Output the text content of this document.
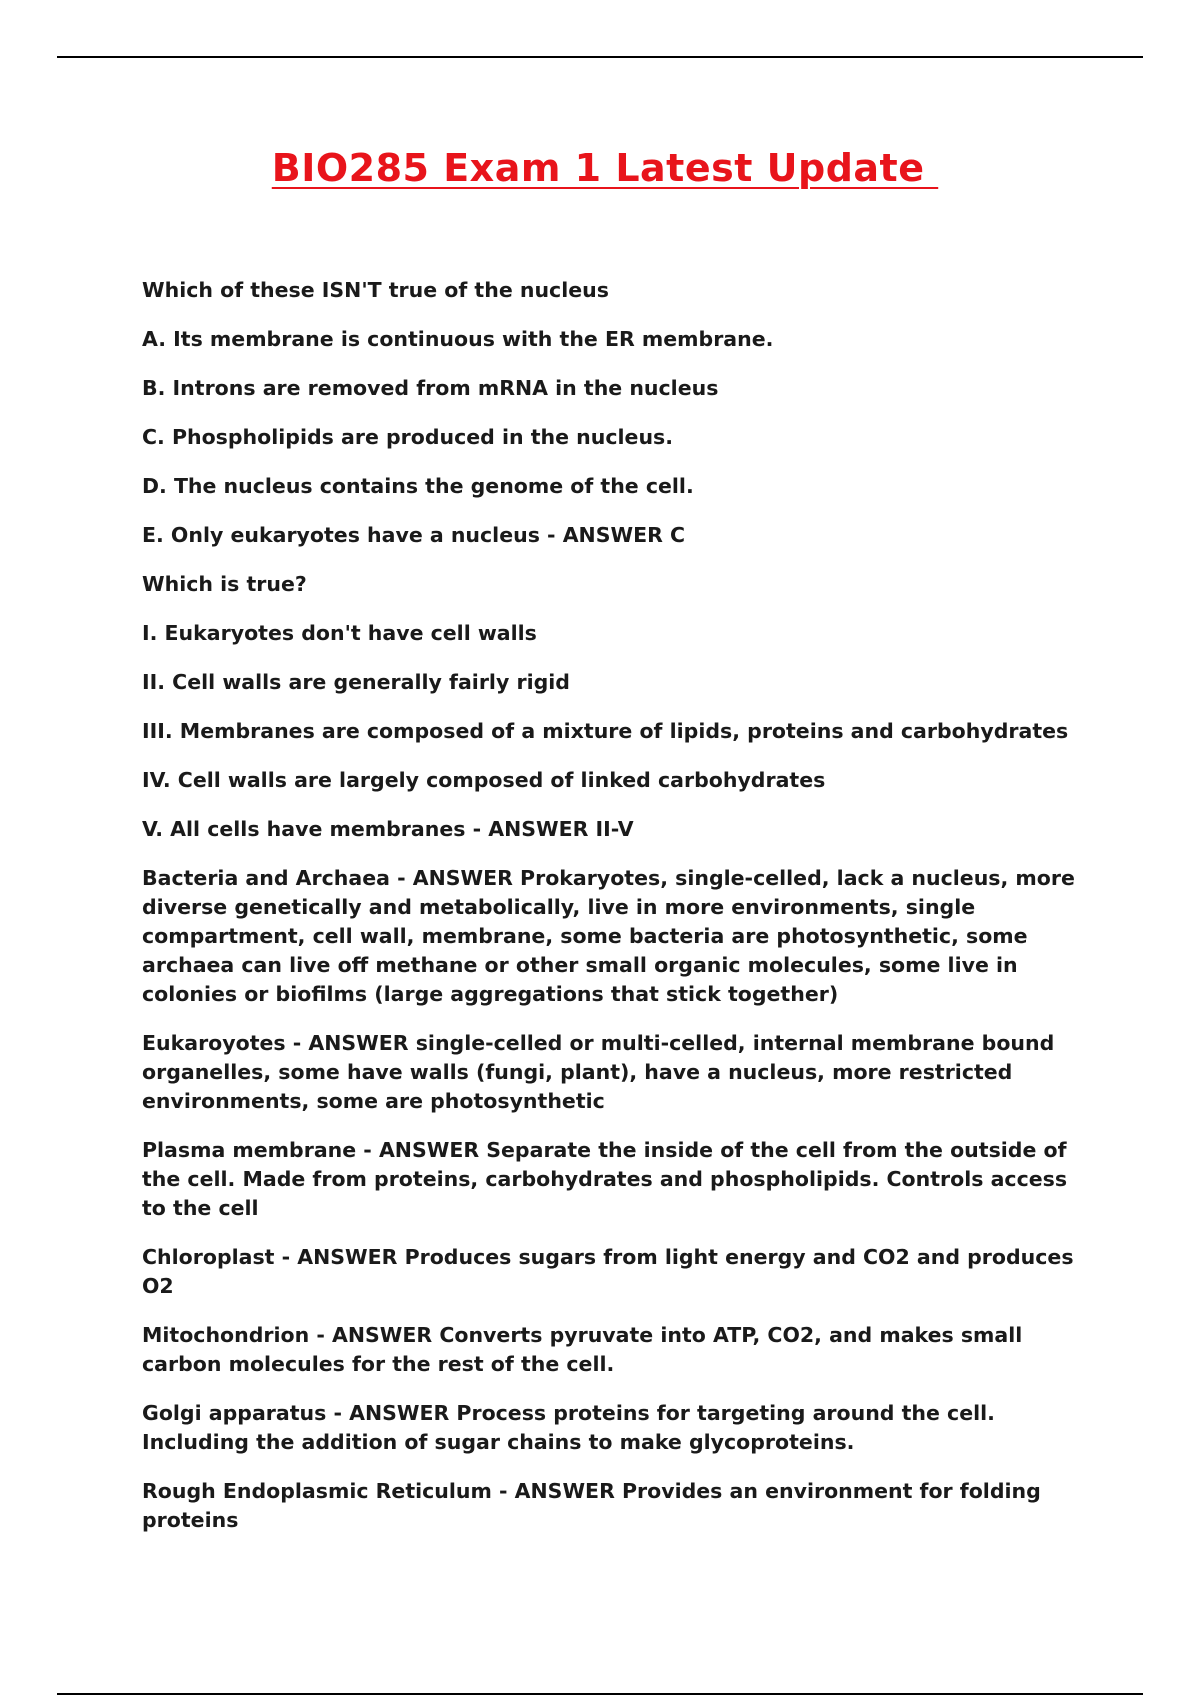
BIO285 Exam 1 Latest Update

Which of these ISN'T true of the nucleus

A. Its membrane is continuous with the ER membrane.

B. Introns are removed from mRNA in the nucleus

C. Phospholipids are produced in the nucleus.

D. The nucleus contains the genome of the cell.

E. Only eukaryotes have a nucleus - ANSWER C

Which is true?

I. Eukaryotes don't have cell walls

II. Cell walls are generally fairly rigid

III. Membranes are composed of a mixture of lipids, proteins and carbohydrates

IV. Cell walls are largely composed of linked carbohydrates

V. All cells have membranes - ANSWER II-V

Bacteria and Archaea - ANSWER Prokaryotes, single-celled, lack a nucleus, more diverse genetically and metabolically, live in more environments, single compartment, cell wall, membrane, some bacteria are photosynthetic, some archaea can live off methane or other small organic molecules, some live in colonies or biofilms (large aggregations that stick together)

Eukaroyotes - ANSWER single-celled or multi-celled, internal membrane bound organelles, some have walls (fungi, plant), have a nucleus, more restricted environments, some are photosynthetic

Plasma membrane - ANSWER Separate the inside of the cell from the outside of the cell. Made from proteins, carbohydrates and phospholipids. Controls access to the cell

Chloroplast - ANSWER Produces sugars from light energy and CO2 and produces O2

Mitochondrion - ANSWER Converts pyruvate into ATP, CO2, and makes small carbon molecules for the rest of the cell.

Golgi apparatus - ANSWER Process proteins for targeting around the cell. Including the addition of sugar chains to make glycoproteins.

Rough Endoplasmic Reticulum - ANSWER Provides an environment for folding proteins
